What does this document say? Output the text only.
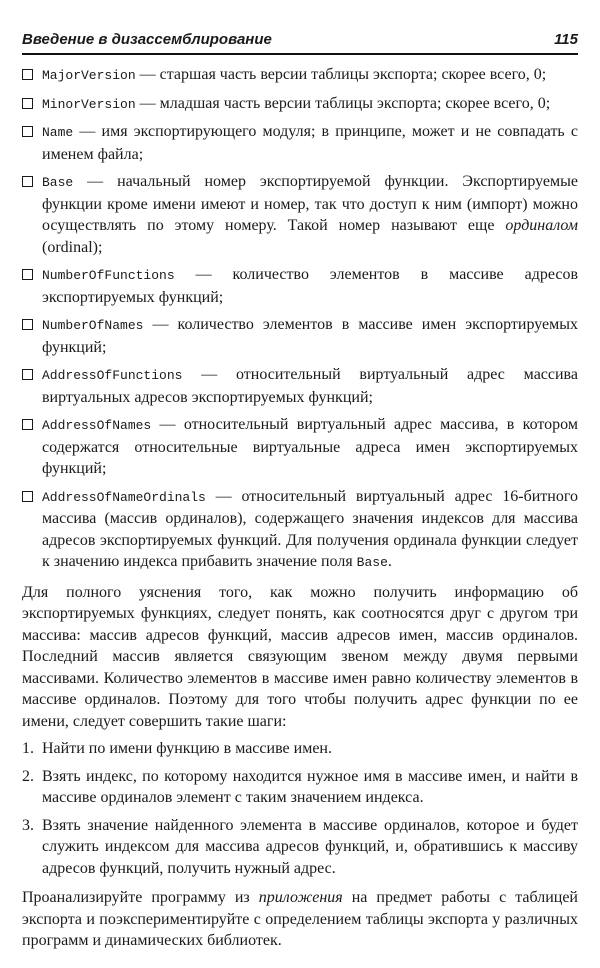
Введение в дизассемблирование	115
MajorVersion — старшая часть версии таблицы экспорта; скорее всего, 0;
MinorVersion — младшая часть версии таблицы экспорта; скорее всего, 0;
Name — имя экспортирующего модуля; в принципе, может и не совпадать с именем файла;
Base — начальный номер экспортируемой функции. Экспортируемые функции кроме имени имеют и номер, так что доступ к ним (импорт) можно осуществлять по этому номеру. Такой номер называют еще ординалом (ordinal);
NumberOfFunctions — количество элементов в массиве адресов экспортируемых функций;
NumberOfNames — количество элементов в массиве имен экспортируемых функций;
AddressOfFunctions — относительный виртуальный адрес массива виртуальных адресов экспортируемых функций;
AddressOfNames — относительный виртуальный адрес массива, в котором содержатся относительные виртуальные адреса имен экспортируемых функций;
AddressOfNameOrdinals — относительный виртуальный адрес 16-битного массива (массив ординалов), содержащего значения индексов для массива адресов экспортируемых функций. Для получения ординала функции следует к значению индекса прибавить значение поля Base.

Для полного уяснения того, как можно получить информацию об экспортируемых функциях, следует понять, как соотносятся друг с другом три массива: массив адресов функций, массив адресов имен, массив ординалов. Последний массив является связующим звеном между двумя первыми массивами. Количество элементов в массиве имен равно количеству элементов в массиве ординалов. Поэтому для того чтобы получить адрес функции по ее имени, следует совершить такие шаги:

1. Найти по имени функцию в массиве имен.
2. Взять индекс, по которому находится нужное имя в массиве имен, и найти в массиве ординалов элемент с таким значением индекса.
3. Взять значение найденного элемента в массиве ординалов, которое и будет служить индексом для массива адресов функций, и, обратившись к массиву адресов функций, получить нужный адрес.

Проанализируйте программу из приложения на предмет работы с таблицей экспорта и поэкспериментируйте с определением таблицы экспорта у различных программ и динамических библиотек.
